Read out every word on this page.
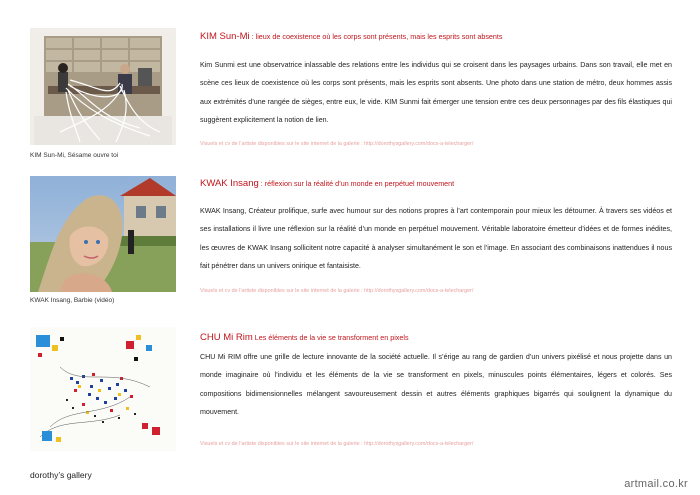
KIM Sun-Mi, Sésame ouvre toi
KIM Sun-Mi : lieux de coexistence où les corps sont présents, mais les esprits sont absents

Kim Sunmi est une observatrice inlassable des relations entre les individus qui se croisent dans les paysages urbains. Dans son travail, elle met en scène ces lieux de coexistence où les corps sont présents, mais les esprits sont absents. Une photo dans une station de métro, deux hommes assis aux extrémités d’une rangée de sièges, entre eux, le vide. KIM Sunmi fait émerger une tension entre ces deux personnages par des fils élastiques qui suggèrent explicitement la notion de lien.

Visuels et cv de l’artiste disponibles sur le site internet de la galerie : http://dorothysgallery.com/docs-a-telecharger/
KWAK Insang, Barbie (vidéo)
KWAK Insang : réflexion sur la réalité d’un monde en perpétuel mouvement

KWAK Insang, Créateur prolifique, surfe avec humour sur des notions propres à l’art contemporain pour mieux les détourner. À travers ses vidéos et ses installations il livre une réflexion sur la réalité d’un monde en perpétuel mouvement. Véritable laboratoire émetteur d’idées et de formes inédites, les œuvres de KWAK Insang sollicitent notre capacité à analyser simultanément le son et l’image. En associant des combinaisons inattendues il nous fait pénétrer dans un univers onirique et fantaisiste.

Visuels et cv de l’artiste disponibles sur le site internet de la galerie : http://dorothysgallery.com/docs-a-telecharger/
CHU Mi Rim Les éléments de la vie se transforment en pixels

CHU Mi RIM offre une grille de lecture innovante de la société actuelle. Il s’érige au rang de gardien d’un univers pixélisé et nous projette dans un monde imaginaire où l’individu et les éléments de la vie se transforment en pixels, minuscules points élémentaires, légers et colorés. Ses compositions bidimensionnelles mélangent savoureusement dessin et autres éléments graphiques bigarrés qui soulignent la dynamique du mouvement.

Visuels et cv de l’artiste disponibles sur le site internet de la galerie : http://dorothysgallery.com/docs-a-telecharger/
dorothy’s gallery
artmail.co.kr
